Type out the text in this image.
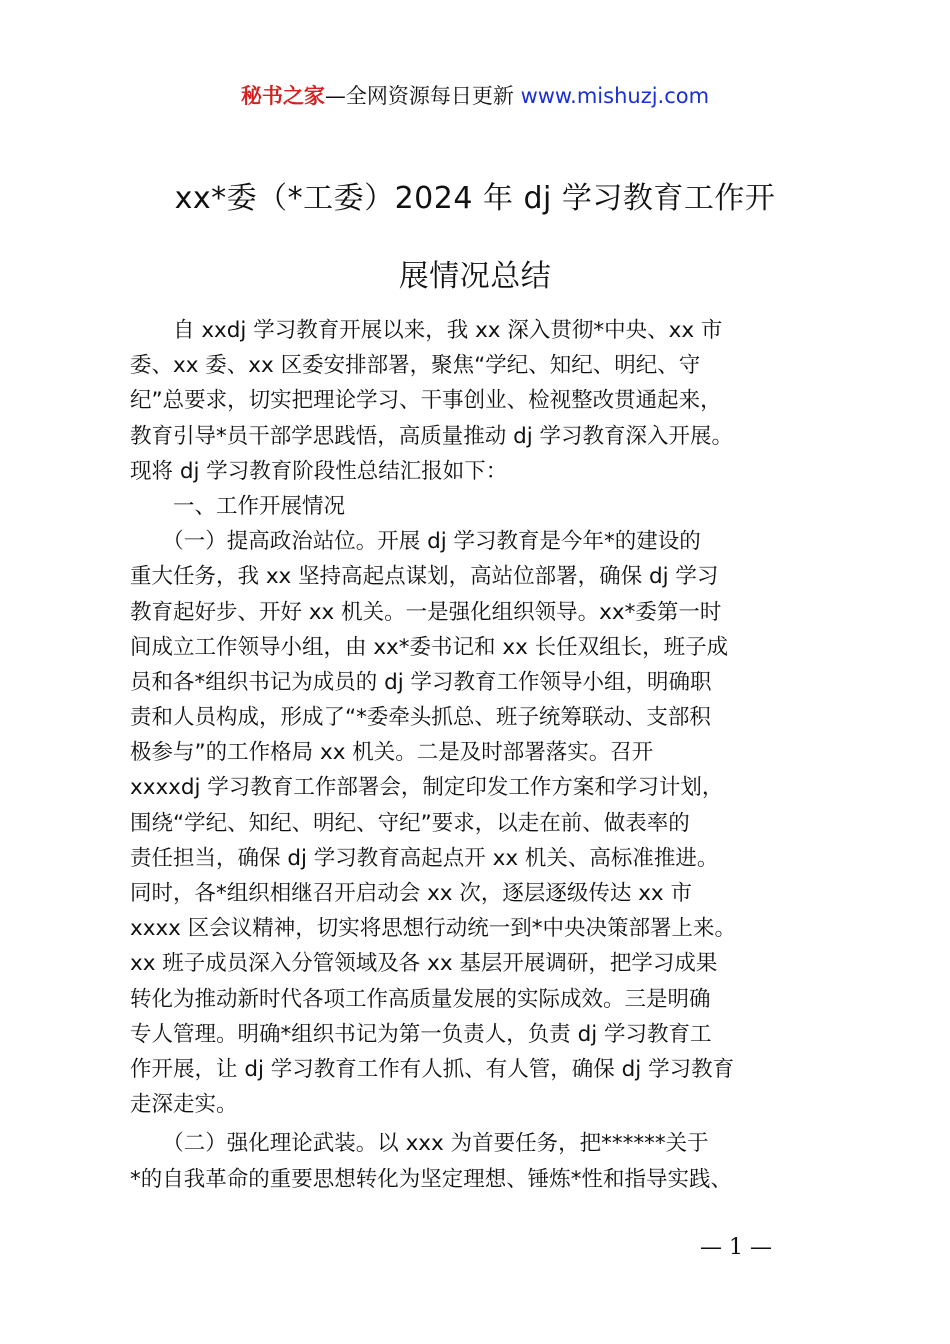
秘书之家—全网资源每日更新 www.mishuzj.com
xx*委（*工委）2024 年 dj 学习教育工作开
展情况总结
　　自 xxdj 学习教育开展以来，我 xx 深入贯彻*中央、xx 市
委、xx 委、xx 区委安排部署，聚焦“学纪、知纪、明纪、守
纪”总要求，切实把理论学习、干事创业、检视整改贯通起来，
教育引导*员干部学思践悟，高质量推动 dj 学习教育深入开展。
现将 dj 学习教育阶段性总结汇报如下：
　　一、工作开展情况
　　（一）提高政治站位。开展 dj 学习教育是今年*的建设的
重大任务，我 xx 坚持高起点谋划，高站位部署，确保 dj 学习
教育起好步、开好 xx 机关。一是强化组织领导。xx*委第一时
间成立工作领导小组，由 xx*委书记和 xx 长任双组长，班子成
员和各*组织书记为成员的 dj 学习教育工作领导小组，明确职
责和人员构成，形成了“*委牵头抓总、班子统筹联动、支部积
极参与”的工作格局 xx 机关。二是及时部署落实。召开
xxxxdj 学习教育工作部署会，制定印发工作方案和学习计划，
围绕“学纪、知纪、明纪、守纪”要求，以走在前、做表率的
责任担当，确保 dj 学习教育高起点开 xx 机关、高标准推进。
同时，各*组织相继召开启动会 xx 次，逐层逐级传达 xx 市
xxxx 区会议精神，切实将思想行动统一到*中央决策部署上来。
xx 班子成员深入分管领域及各 xx 基层开展调研，把学习成果
转化为推动新时代各项工作高质量发展的实际成效。三是明确
专人管理。明确*组织书记为第一负责人，负责 dj 学习教育工
作开展，让 dj 学习教育工作有人抓、有人管，确保 dj 学习教育
走深走实。
　　（二）强化理论武装。以 xxx 为首要任务，把******关于
*的自我革命的重要思想转化为坚定理想、锤炼*性和指导实践、
— 1 —
